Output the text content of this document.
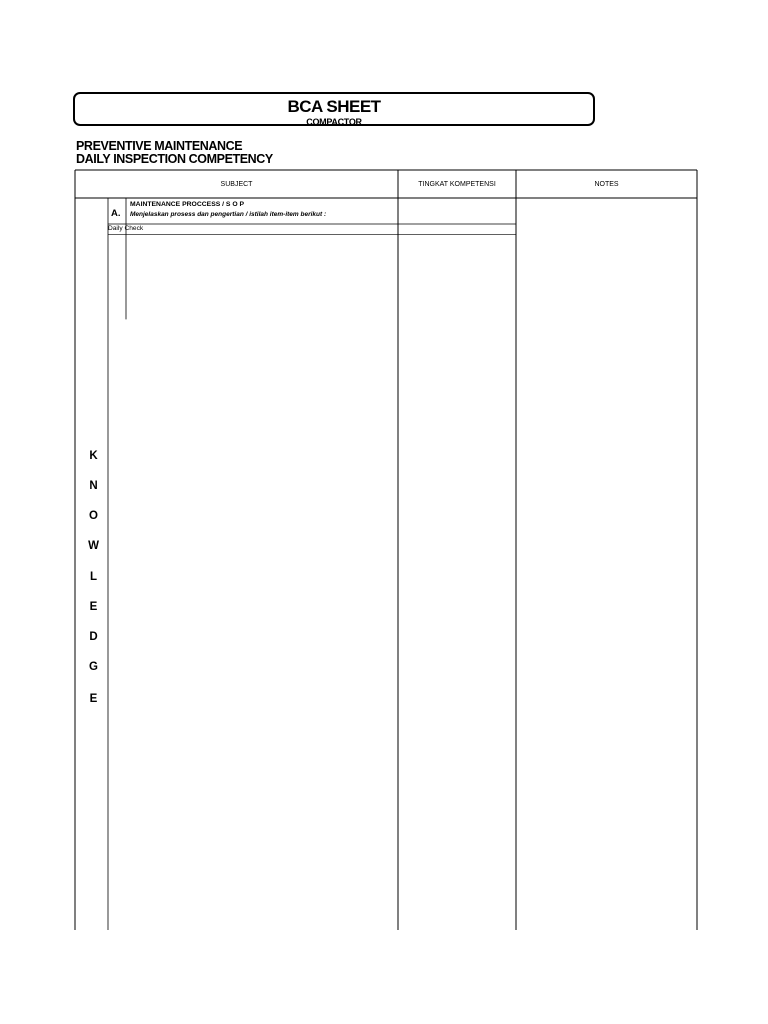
BCA SHEET
COMPACTOR
PREVENTIVE MAINTENANCE
DAILY INSPECTION COMPETENCY
SUBJECT	TINGKAT KOMPETENSI	NOTES
K
N
O
W
L
E
D
G
E
A.
MAINTENANCE PROCCESS / S O P
Menjelaskan prosess dan pengertian / istilah item-item berikut :
Daily Check
